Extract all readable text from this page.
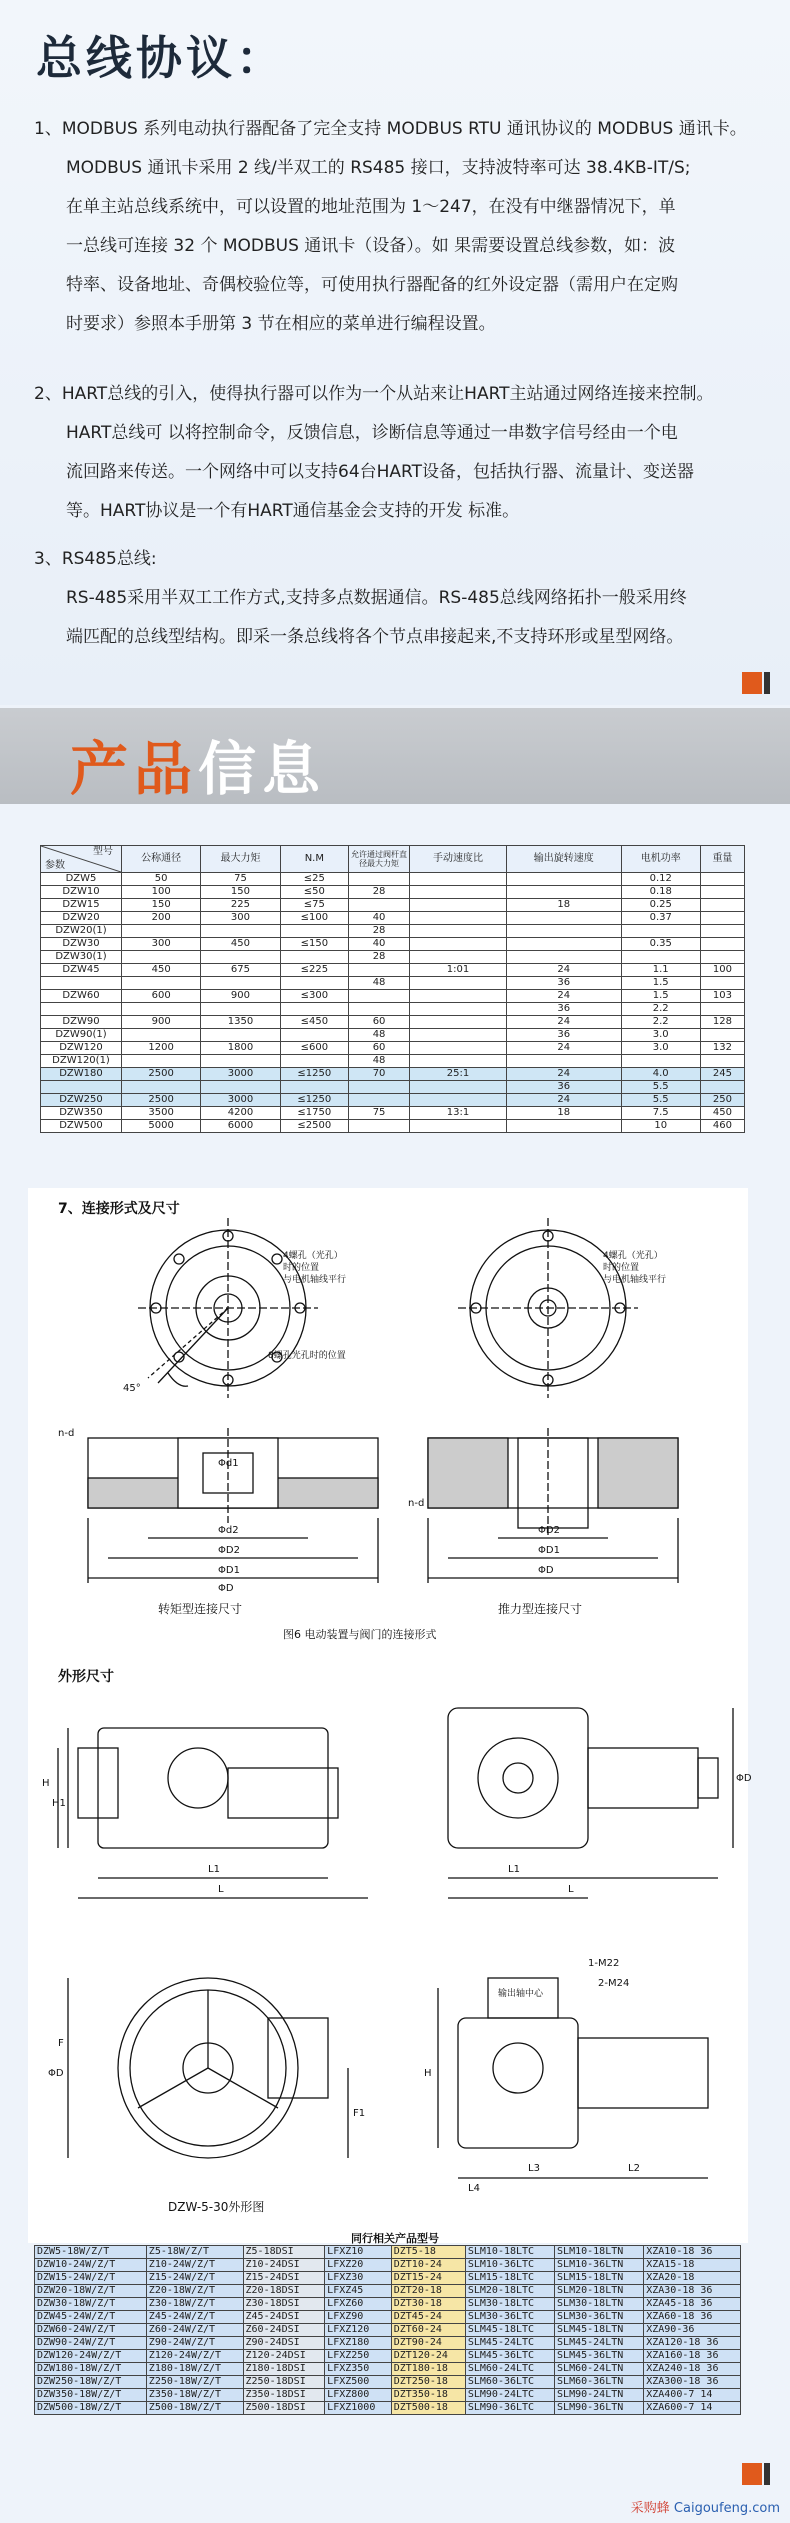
总线协议：
1、MODBUS 系列电动执行器配备了完全支持 MODBUS RTU 通讯协议的 MODBUS 通讯卡。
MODBUS 通讯卡采用 2 线/半双工的 RS485 接口，支持波特率可达 38.4KB-IT/S;
在单主站总线系统中，可以设置的地址范围为 1～247，在没有中继器情况下，单
一总线可连接 32 个 MODBUS 通讯卡（设备）。如 果需要设置总线参数，如：波
特率、设备地址、奇偶校验位等，可使用执行器配备的红外设定器（需用户在定购
时要求）参照本手册第 3 节在相应的菜单进行编程设置。
2、HART总线的引入，使得执行器可以作为一个从站来让HART主站通过网络连接来控制。
HART总线可 以将控制命令，反馈信息，诊断信息等通过一串数字信号经由一个电
流回路来传送。一个网络中可以支持64台HART设备，包括执行器、流量计、变送器
等。HART协议是一个有HART通信基金会支持的开发 标准。
3、RS485总线:
RS-485采用半双工工作方式,支持多点数据通信。RS-485总线网络拓扑一般采用终
端匹配的总线型结构。即采一条总线将各个节点串接起来,不支持环形或星型网络。
产品信息
型号
参数	公称通径	最大力矩	N.M	允许通过阀杆直径最大力矩	手动速度比	输出旋转速度	电机功率	重量
DZW5	50	75	≤25				0.12	
DZW10	100	150	≤50	28			0.18	
DZW15	150	225	≤75			18	0.25	
DZW20	200	300	≤100	40			0.37	
DZW20(1)				28				
DZW30	300	450	≤150	40			0.35	
DZW30(1)				28				
DZW45	450	675	≤225		1:01	24	1.1	100
				48		36	1.5	
DZW60	600	900	≤300			24	1.5	103
						36	2.2	
DZW90	900	1350	≤450	60		24	2.2	128
DZW90(1)				48		36	3.0	
DZW120	1200	1800	≤600	60		24	3.0	132
DZW120(1)				48				
DZW180	2500	3000	≤1250	70	25:1	24	4.0	245
						36	5.5	
DZW250	2500	3000	≤1250			24	5.5	250
DZW350	3500	4200	≤1750	75	13:1	18	7.5	450
DZW500	5000	6000	≤2500				10	460
7、连接形式及尺寸
4螺孔（光孔）
时的位置
与电机轴线平行
4螺孔（光孔）
时的位置
与电机轴线平行
8螺孔光孔时的位置
45°
n-d
n-d
Φd1
Φd2
ΦD2
ΦD1
ΦD
ΦD2
ΦD1
ΦD
转矩型连接尺寸	推力型连接尺寸
图6 电动装置与阀门的连接形式
外形尺寸
H
H1
L1
L
L1
L
ΦD
ΦD
F
F1
1-M22
2-M24
输出轴中心
H
L4
L3	L2
DZW-5-30外形图
同行相关产品型号
DZW5-18W/Z/T	Z5-18W/Z/T	Z5-18DSI	LFXZ10	DZT5-18	SLM10-18LTC	SLM10-18LTN	XZA10-18 36
DZW10-24W/Z/T	Z10-24W/Z/T	Z10-24DSI	LFXZ20	DZT10-24	SLM10-36LTC	SLM10-36LTN	XZA15-18
DZW15-24W/Z/T	Z15-24W/Z/T	Z15-24DSI	LFXZ30	DZT15-24	SLM15-18LTC	SLM15-18LTN	XZA20-18
DZW20-18W/Z/T	Z20-18W/Z/T	Z20-18DSI	LFXZ45	DZT20-18	SLM20-18LTC	SLM20-18LTN	XZA30-18 36
DZW30-18W/Z/T	Z30-18W/Z/T	Z30-18DSI	LFXZ60	DZT30-18	SLM30-18LTC	SLM30-18LTN	XZA45-18 36
DZW45-24W/Z/T	Z45-24W/Z/T	Z45-24DSI	LFXZ90	DZT45-24	SLM30-36LTC	SLM30-36LTN	XZA60-18 36
DZW60-24W/Z/T	Z60-24W/Z/T	Z60-24DSI	LFXZ120	DZT60-24	SLM45-18LTC	SLM45-18LTN	XZA90-36
DZW90-24W/Z/T	Z90-24W/Z/T	Z90-24DSI	LFXZ180	DZT90-24	SLM45-24LTC	SLM45-24LTN	XZA120-18 36
DZW120-24W/Z/T	Z120-24W/Z/T	Z120-24DSI	LFXZ250	DZT120-24	SLM45-36LTC	SLM45-36LTN	XZA160-18 36
DZW180-18W/Z/T	Z180-18W/Z/T	Z180-18DSI	LFXZ350	DZT180-18	SLM60-24LTC	SLM60-24LTN	XZA240-18 36
DZW250-18W/Z/T	Z250-18W/Z/T	Z250-18DSI	LFXZ500	DZT250-18	SLM60-36LTC	SLM60-36LTN	XZA300-18 36
DZW350-18W/Z/T	Z350-18W/Z/T	Z350-18DSI	LFXZ800	DZT350-18	SLM90-24LTC	SLM90-24LTN	XZA400-7 14
DZW500-18W/Z/T	Z500-18W/Z/T	Z500-18DSI	LFXZ1000	DZT500-18	SLM90-36LTC	SLM90-36LTN	XZA600-7 14
采购蜂 Caigoufeng.com
